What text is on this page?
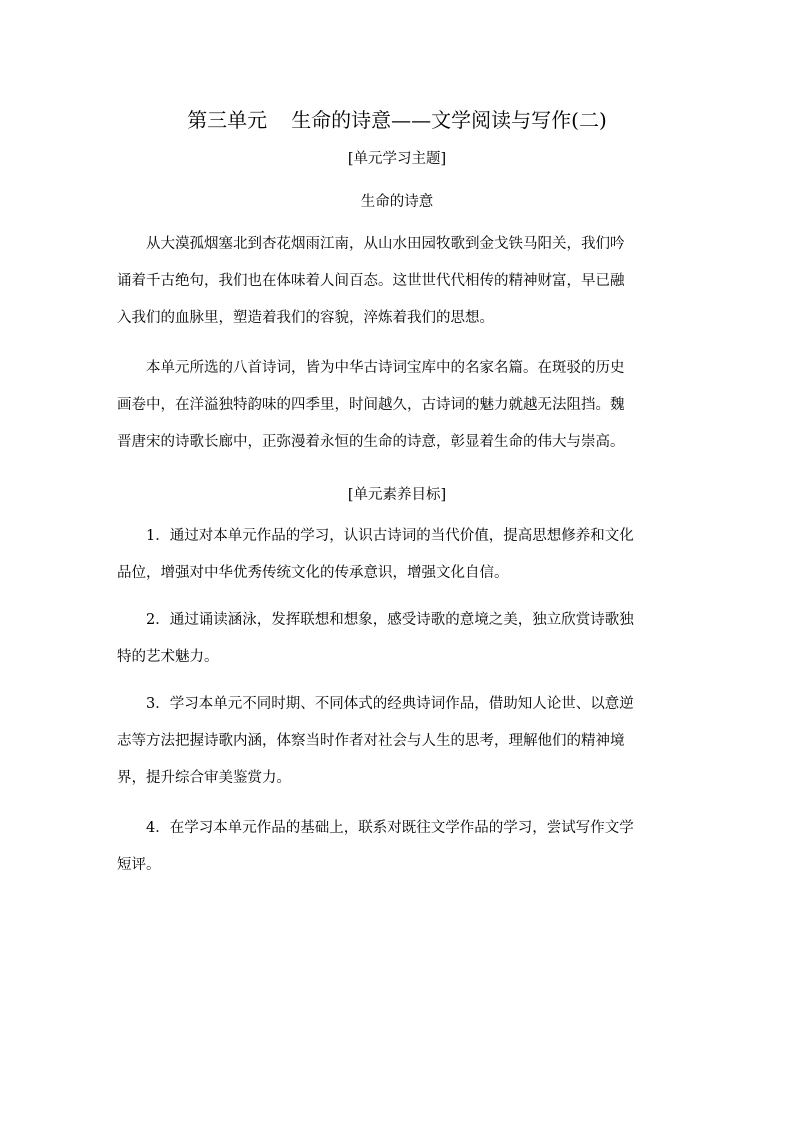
第三单元 生命的诗意——文学阅读与写作(二)
[单元学习主题]
生命的诗意
从大漠孤烟塞北到杏花烟雨江南，从山水田园牧歌到金戈铁马阳关，我们吟
诵着千古绝句，我们也在体味着人间百态。这世世代代相传的精神财富，早已融
入我们的血脉里，塑造着我们的容貌，淬炼着我们的思想。
本单元所选的八首诗词，皆为中华古诗词宝库中的名家名篇。在斑驳的历史
画卷中，在洋溢独特韵味的四季里，时间越久，古诗词的魅力就越无法阻挡。魏
晋唐宋的诗歌长廊中，正弥漫着永恒的生命的诗意，彰显着生命的伟大与崇高。
[单元素养目标]
1．通过对本单元作品的学习，认识古诗词的当代价值，提高思想修养和文化
品位，增强对中华优秀传统文化的传承意识，增强文化自信。
2．通过诵读涵泳，发挥联想和想象，感受诗歌的意境之美，独立欣赏诗歌独
特的艺术魅力。
3．学习本单元不同时期、不同体式的经典诗词作品，借助知人论世、以意逆
志等方法把握诗歌内涵，体察当时作者对社会与人生的思考，理解他们的精神境
界，提升综合审美鉴赏力。
4．在学习本单元作品的基础上，联系对既往文学作品的学习，尝试写作文学
短评。
